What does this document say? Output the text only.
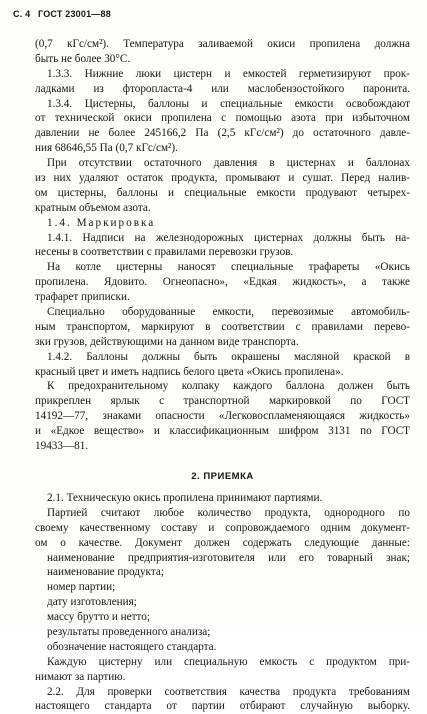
С. 4 ГОСТ 23001—88
(0,7 кГс/см²). Температура заливаемой окиси пропилена должна
быть не более 30°С.
1.3.3. Нижние люки цистерн и емкостей герметизируют прок-
ладками из фторопласта-4 или маслобензостойкого паронита.
1.3.4. Цистерны, баллоны и специальные емкости освобождают
от технической окиси пропилена с помощью азота при избыточном
давлении не более 245166,2 Па (2,5 кГс/см²) до остаточного давле-
ния 68646,55 Па (0,7 кГс/см²).
При отсутствии остаточного давления в цистернах и баллонах
из них удаляют остаток продукта, промывают и сушат. Перед налив-
ом цистерны, баллоны и специальные емкости продувают четырех-
кратным объемом азота.
1.4. Маркировка
1.4.1. Надписи на железнодорожных цистернах должны быть на-
несены в соответствии с правилами перевозки грузов.
На котле цистерны наносят специальные трафареты «Окись
пропилена. Ядовито. Огнеопасно», «Едкая жидкость», а также
трафарет приписки.
Специально оборудованные емкости, перевозимые автомобиль-
ным транспортом, маркируют в соответствии с правилами перево-
зки грузов, действующими на данном виде транспорта.
1.4.2. Баллоны должны быть окрашены масляной краской в
красный цвет и иметь надпись белого цвета «Окись пропилена».
К предохранительному колпаку каждого баллона должен быть
прикреплен ярлык с транспортной маркировкой по ГОСТ
14192—77, знаками опасности «Легковоспламеняющаяся жидкость»
и «Едкое вещество» и классификационным шифром 3131 по ГОСТ
19433—81.
2. ПРИЕМКА
2.1. Техническую окись пропилена принимают партиями.
Партией считают любое количество продукта, однородного по
своему качественному составу и сопровождаемого одним документ-
ом о качестве. Документ должен содержать следующие данные:
наименование предприятия-изготовителя или его товарный знак;
наименование продукта;
номер партии;
дату изготовления;
массу брутто и нетто;
результаты проведенного анализа;
обозначение настоящего стандарта.
Каждую цистерну или специальную емкость с продуктом при-
нимают за партию.
2.2. Для проверки соответствия качества продукта требованиям
настоящего стандарта от партии отбирают случайную выборку.
